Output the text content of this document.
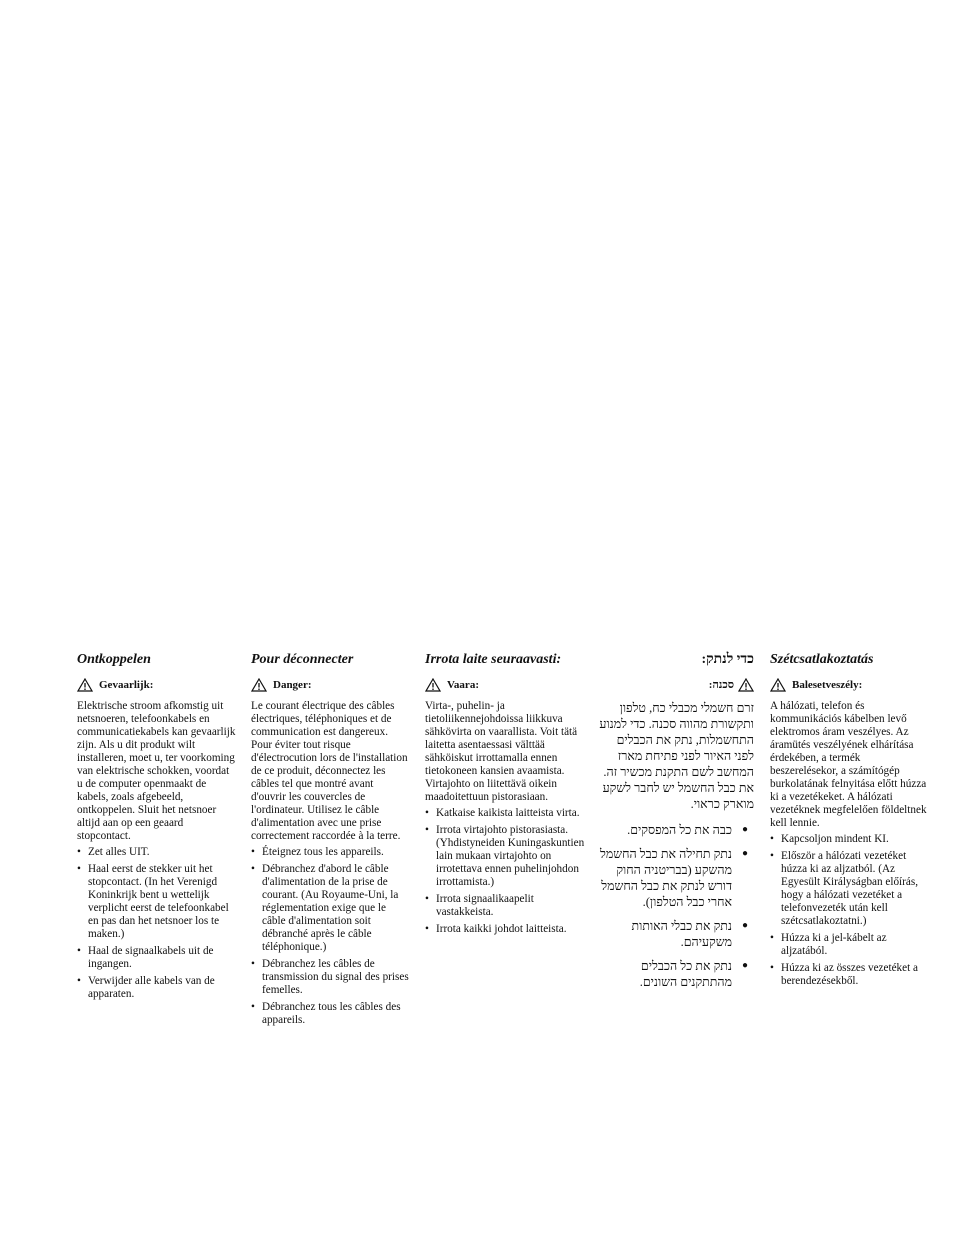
Ontkoppelen
Gevaarlijk:
Elektrische stroom afkomstig uit netsnoeren, telefoonkabels en communicatiekabels kan gevaarlijk zijn. Als u dit produkt wilt installeren, moet u, ter voorkoming van elektrische schokken, voordat u de computer openmaakt de kabels, zoals afgebeeld, ontkoppelen. Sluit het netsnoer altijd aan op een geaard stopcontact.
• Zet alles UIT.
• Haal eerst de stekker uit het stopcontact. (In het Verenigd Koninkrijk bent u wettelijk verplicht eerst de telefoonkabel en pas dan het netsnoer los te maken.)
• Haal de signaalkabels uit de ingangen.
• Verwijder alle kabels van de apparaten.
Pour déconnecter
Danger:
Le courant électrique des câbles électriques, téléphoniques et de communication est dangereux. Pour éviter tout risque d'électrocution lors de l'installation de ce produit, déconnectez les câbles tel que montré avant d'ouvrir les couvercles de l'ordinateur. Utilisez le câble d'alimentation avec une prise correctement raccordée à la terre.
• Éteignez tous les appareils.
• Débranchez d'abord le câble d'alimentation de la prise de courant. (Au Royaume-Uni, la réglementation exige que le câble d'alimentation soit débranché après le câble téléphonique.)
• Débranchez les câbles de transmission du signal des prises femelles.
• Débranchez tous les câbles des appareils.
Irrota laite seuraavasti:
Vaara:
Virta-, puhelin- ja tietoliikennejohdoissa liikkuva sähkövirta on vaarallista. Voit tätä laitetta asentaessasi välttää sähköiskut irrottamalla ennen tietokoneen kansien avaamista. Virtajohto on liitettävä oikein maadoitettuun pistorasiaan.
• Katkaise kaikista laitteista virta.
• Irrota virtajohto pistorasiasta. (Yhdistyneiden Kuningaskuntien lain mukaan virtajohto on irrotettava ennen puhelinjohdon irrottamista.)
• Irrota signaalikaapelit vastakkeista.
• Irrota kaikki johdot laitteista.
כדי לנתק:
סכנה:
זרם חשמלי מכבלי כח, טלפון ותקשורת מהווה סכנה. כדי למנוע התחשמלות, נתק את הכבלים לפני האיור לפני פתיחת מארז המחשב לשם התקנת מכשיר זה. את כבל החשמל יש לחבר לשקע מוארק כראוי.
● כבה את כל המפסקים.
● נתק תחילה את כבל החשמל מהשקע (בבריטניה החוק דורש לנתק את כבל החשמל אחרי כבל הטלפון).
● נתק את כבלי האותות משקעיהם.
● נתק את כל הכבלים מהתתקנים השונים.
Szétcsatlakoztatás
Balesetveszély:
A hálózati, telefon és kommunikációs kábelben levő elektromos áram veszélyes. Az áramütés veszélyének elhárítása érdekében, a termék beszerelésekor, a számítógép burkolatának felnyitása előtt húzza ki a vezetékeket. A hálózati vezetéknek megfelelően földeltnek kell lennie.
• Kapcsoljon mindent KI.
• Először a hálózati vezetéket húzza ki az aljzatból. (Az Egyesült Királyságban előírás, hogy a hálózati vezetéket a telefonvezeték után kell szétcsatlakoztatni.)
• Húzza ki a jel-kábelt az aljzatából.
• Húzza ki az összes vezetéket a berendezésekből.
